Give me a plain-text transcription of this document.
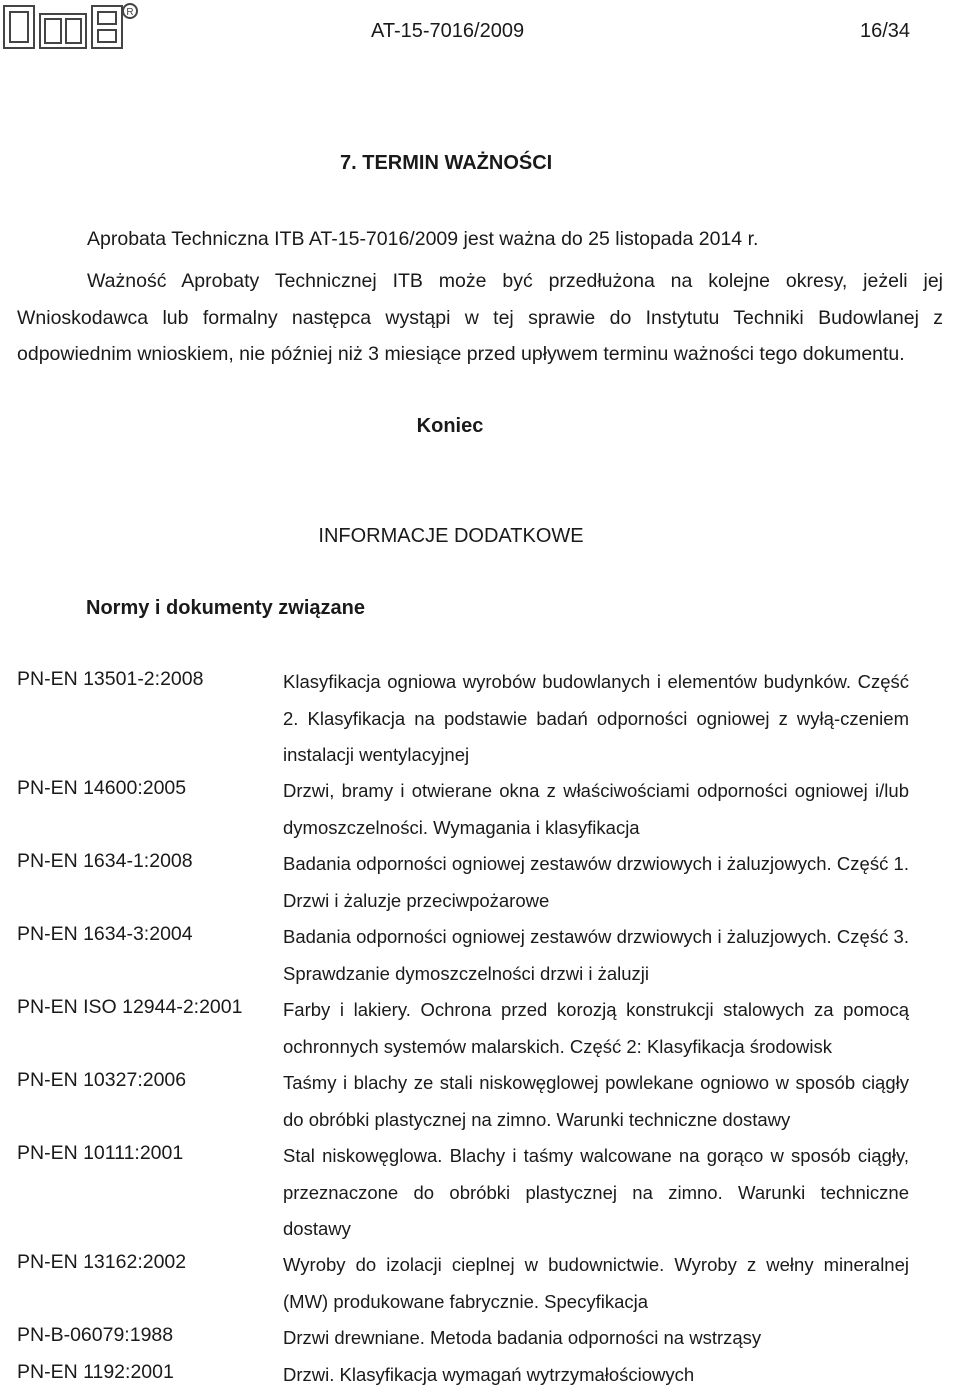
R
AT-15-7016/2009	16/34
7. TERMIN WAŻNOŚCI
Aprobata Techniczna ITB AT-15-7016/2009 jest ważna do 25 listopada 2014 r.
Ważność Aprobaty Technicznej ITB może być przedłużona na kolejne okresy, jeżeli jej Wnioskodawca lub formalny następca wystąpi w tej sprawie do Instytutu Techniki Budowlanej z odpowiednim wnioskiem, nie później niż 3 miesiące przed upływem terminu ważności tego dokumentu.
Koniec
INFORMACJE DODATKOWE
Normy i dokumenty związane
PN-EN 13501-2:2008	Klasyfikacja ogniowa wyrobów budowlanych i elementów budynków. Część 2. Klasyfikacja na podstawie badań odporności ogniowej z wyłą-czeniem instalacji wentylacyjnej
PN-EN 14600:2005	Drzwi, bramy i otwierane okna z właściwościami odporności ogniowej i/lub dymoszczelności. Wymagania i klasyfikacja
PN-EN 1634-1:2008	Badania odporności ogniowej zestawów drzwiowych i żaluzjowych. Część 1. Drzwi i żaluzje przeciwpożarowe
PN-EN 1634-3:2004	Badania odporności ogniowej zestawów drzwiowych i żaluzjowych. Część 3. Sprawdzanie dymoszczelności drzwi i żaluzji
PN-EN ISO 12944-2:2001 Farby i lakiery. Ochrona przed korozją konstrukcji stalowych za pomocą ochronnych systemów malarskich. Część 2: Klasyfikacja środowisk
PN-EN 10327:2006	Taśmy i blachy ze stali niskowęglowej powlekane ogniowo w sposób ciągły do obróbki plastycznej na zimno. Warunki techniczne dostawy
PN-EN 10111:2001	Stal niskowęglowa. Blachy i taśmy walcowane na gorąco w sposób ciągły, przeznaczone do obróbki plastycznej na zimno. Warunki techniczne dostawy
PN-EN 13162:2002	Wyroby do izolacji cieplnej w budownictwie. Wyroby z wełny mineralnej (MW) produkowane fabrycznie. Specyfikacja
PN-B-06079:1988	Drzwi drewniane. Metoda badania odporności na wstrząsy
PN-EN 1192:2001	Drzwi. Klasyfikacja wymagań wytrzymałościowych
